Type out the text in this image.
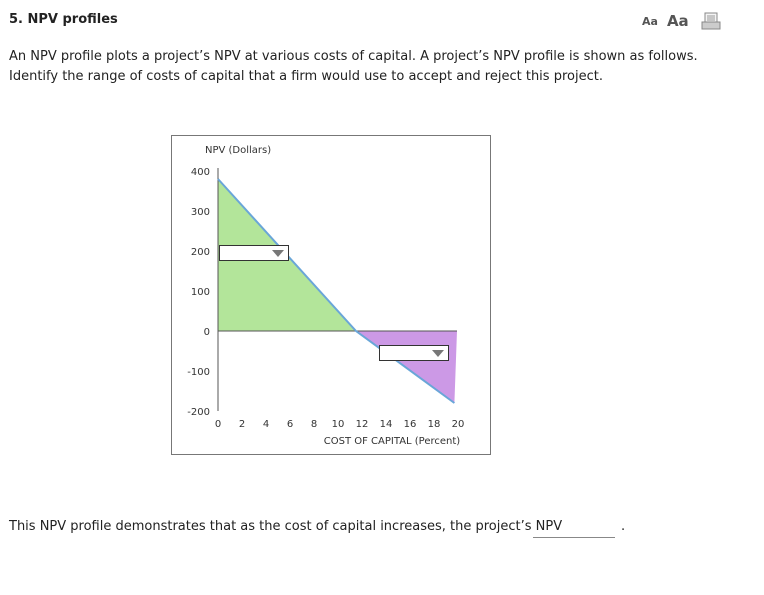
5. NPV profiles	Aa Aa
An NPV profile plots a project’s NPV at various costs of capital. A project’s NPV profile is shown as follows. Identify the range of costs of capital that a firm would use to accept and reject this project.
400
300
200
100
0
-100
-200
0 2 4 6 8 10 12 14 16 18 20
NPV (Dollars)
COST OF CAPITAL (Percent)
This NPV profile demonstrates that as the cost of capital increases, the project’s NPV	.
